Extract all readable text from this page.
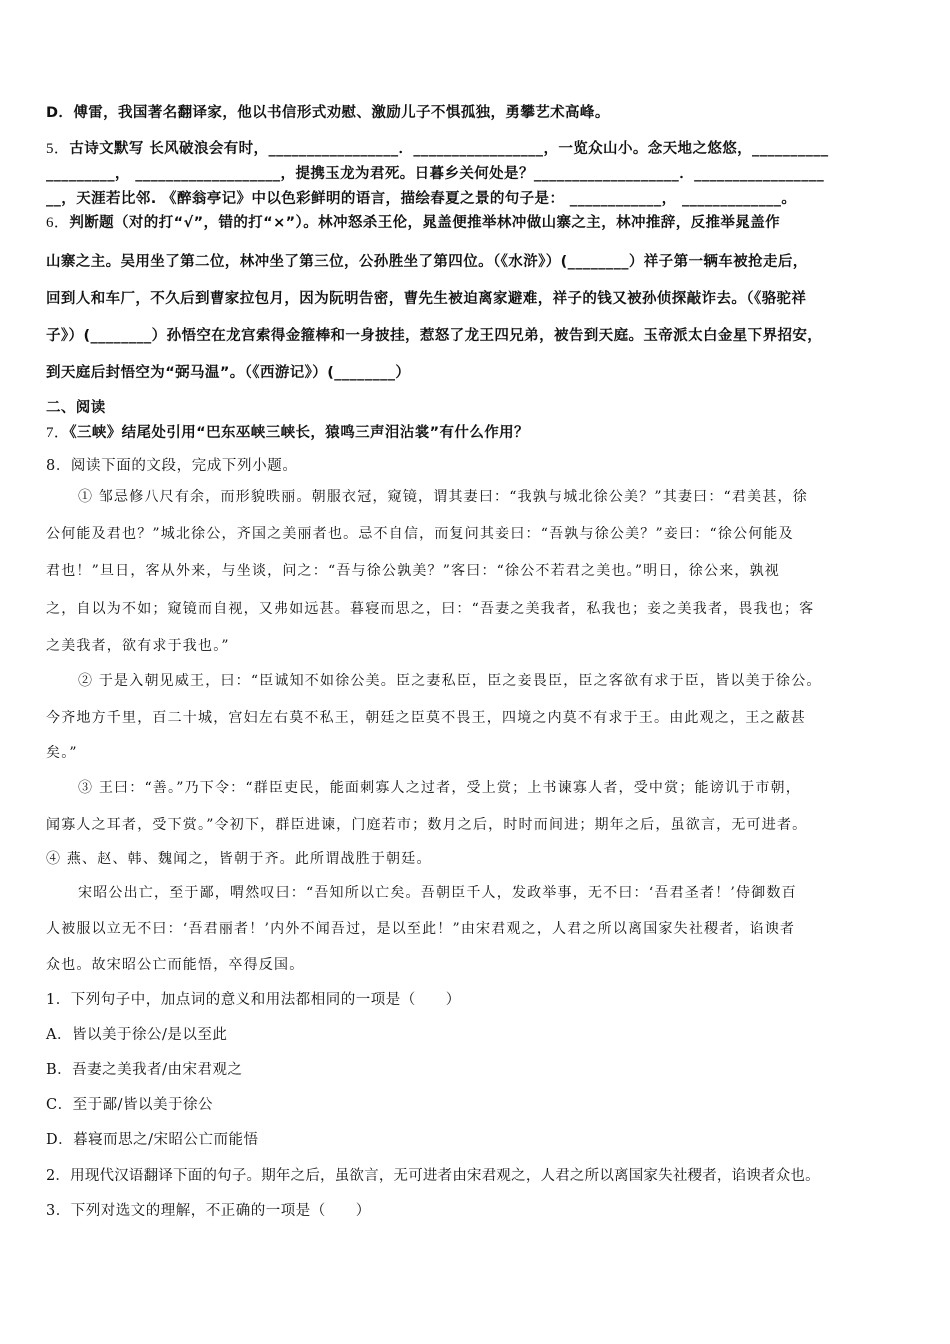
D．傅雷，我国著名翻译家，他以书信形式劝慰、激励儿子不惧孤独，勇攀艺术高峰。
5．古诗文默写 长风破浪会有时，_________________．_________________，一览众山小。念天地之悠悠，__________
_________， ___________________，提携玉龙为君死。日暮乡关何处是？___________________．_________________
__，天涯若比邻. 《醉翁亭记》中以色彩鲜明的语言，描绘春夏之景的句子是： ____________， _____________。
6．判断题（对的打“√”，错的打“×”）。林冲怒杀王伦，晁盖便推举林冲做山寨之主，林冲推辞，反推举晁盖作
山寨之主。吴用坐了第二位，林冲坐了第三位，公孙胜坐了第四位。（《水浒》）(________）祥子第一辆车被抢走后，
回到人和车厂，不久后到曹家拉包月，因为阮明告密，曹先生被迫离家避难，祥子的钱又被孙侦探敲诈去。（《骆驼祥
子》）(________）孙悟空在龙宫索得金箍棒和一身披挂，惹怒了龙王四兄弟，被告到天庭。玉帝派太白金星下界招安，
到天庭后封悟空为“弼马温”。（《西游记》）(________）
二、阅读
7．《三峡》结尾处引用“巴东巫峡三峡长，猿鸣三声泪沾裳”有什么作用？
8．阅读下面的文段，完成下列小题。
① 邹忌修八尺有余，而形貌昳丽。朝服衣冠，窥镜，谓其妻曰：“我孰与城北徐公美？”其妻曰：“君美甚，徐
公何能及君也？”城北徐公，齐国之美丽者也。忌不自信，而复问其妾曰：“吾孰与徐公美？”妾曰：“徐公何能及
君也！”旦日，客从外来，与坐谈，问之：“吾与徐公孰美？”客曰：“徐公不若君之美也。”明日，徐公来，孰视
之，自以为不如；窥镜而自视，又弗如远甚。暮寝而思之，曰：“吾妻之美我者，私我也；妾之美我者，畏我也；客
之美我者，欲有求于我也。”
② 于是入朝见威王，曰：“臣诚知不如徐公美。臣之妻私臣，臣之妾畏臣，臣之客欲有求于臣，皆以美于徐公。
今齐地方千里，百二十城，宫妇左右莫不私王，朝廷之臣莫不畏王，四境之内莫不有求于王。由此观之，王之蔽甚
矣。”
③ 王曰：“善。”乃下令：“群臣吏民，能面刺寡人之过者，受上赏；上书谏寡人者，受中赏；能谤讥于市朝，
闻寡人之耳者，受下赏。”令初下，群臣进谏，门庭若市；数月之后，时时而间进；期年之后，虽欲言，无可进者。
④ 燕、赵、韩、魏闻之，皆朝于齐。此所谓战胜于朝廷。
宋昭公出亡，至于鄙，喟然叹曰：“吾知所以亡矣。吾朝臣千人，发政举事，无不曰：‘吾君圣者！’侍御数百
人被服以立无不曰：‘吾君丽者！’内外不闻吾过，是以至此！”由宋君观之，人君之所以离国家失社稷者，谄谀者
众也。故宋昭公亡而能悟，卒得反国。
1．下列句子中，加点词的意义和用法都相同的一项是（　　）
A．皆以美于徐公/是以至此
B．吾妻之美我者/由宋君观之
C．至于鄙/皆以美于徐公
D．暮寝而思之/宋昭公亡而能悟
2．用现代汉语翻译下面的句子。期年之后，虽欲言，无可进者由宋君观之，人君之所以离国家失社稷者，谄谀者众也。
3．下列对选文的理解，不正确的一项是（　　）
